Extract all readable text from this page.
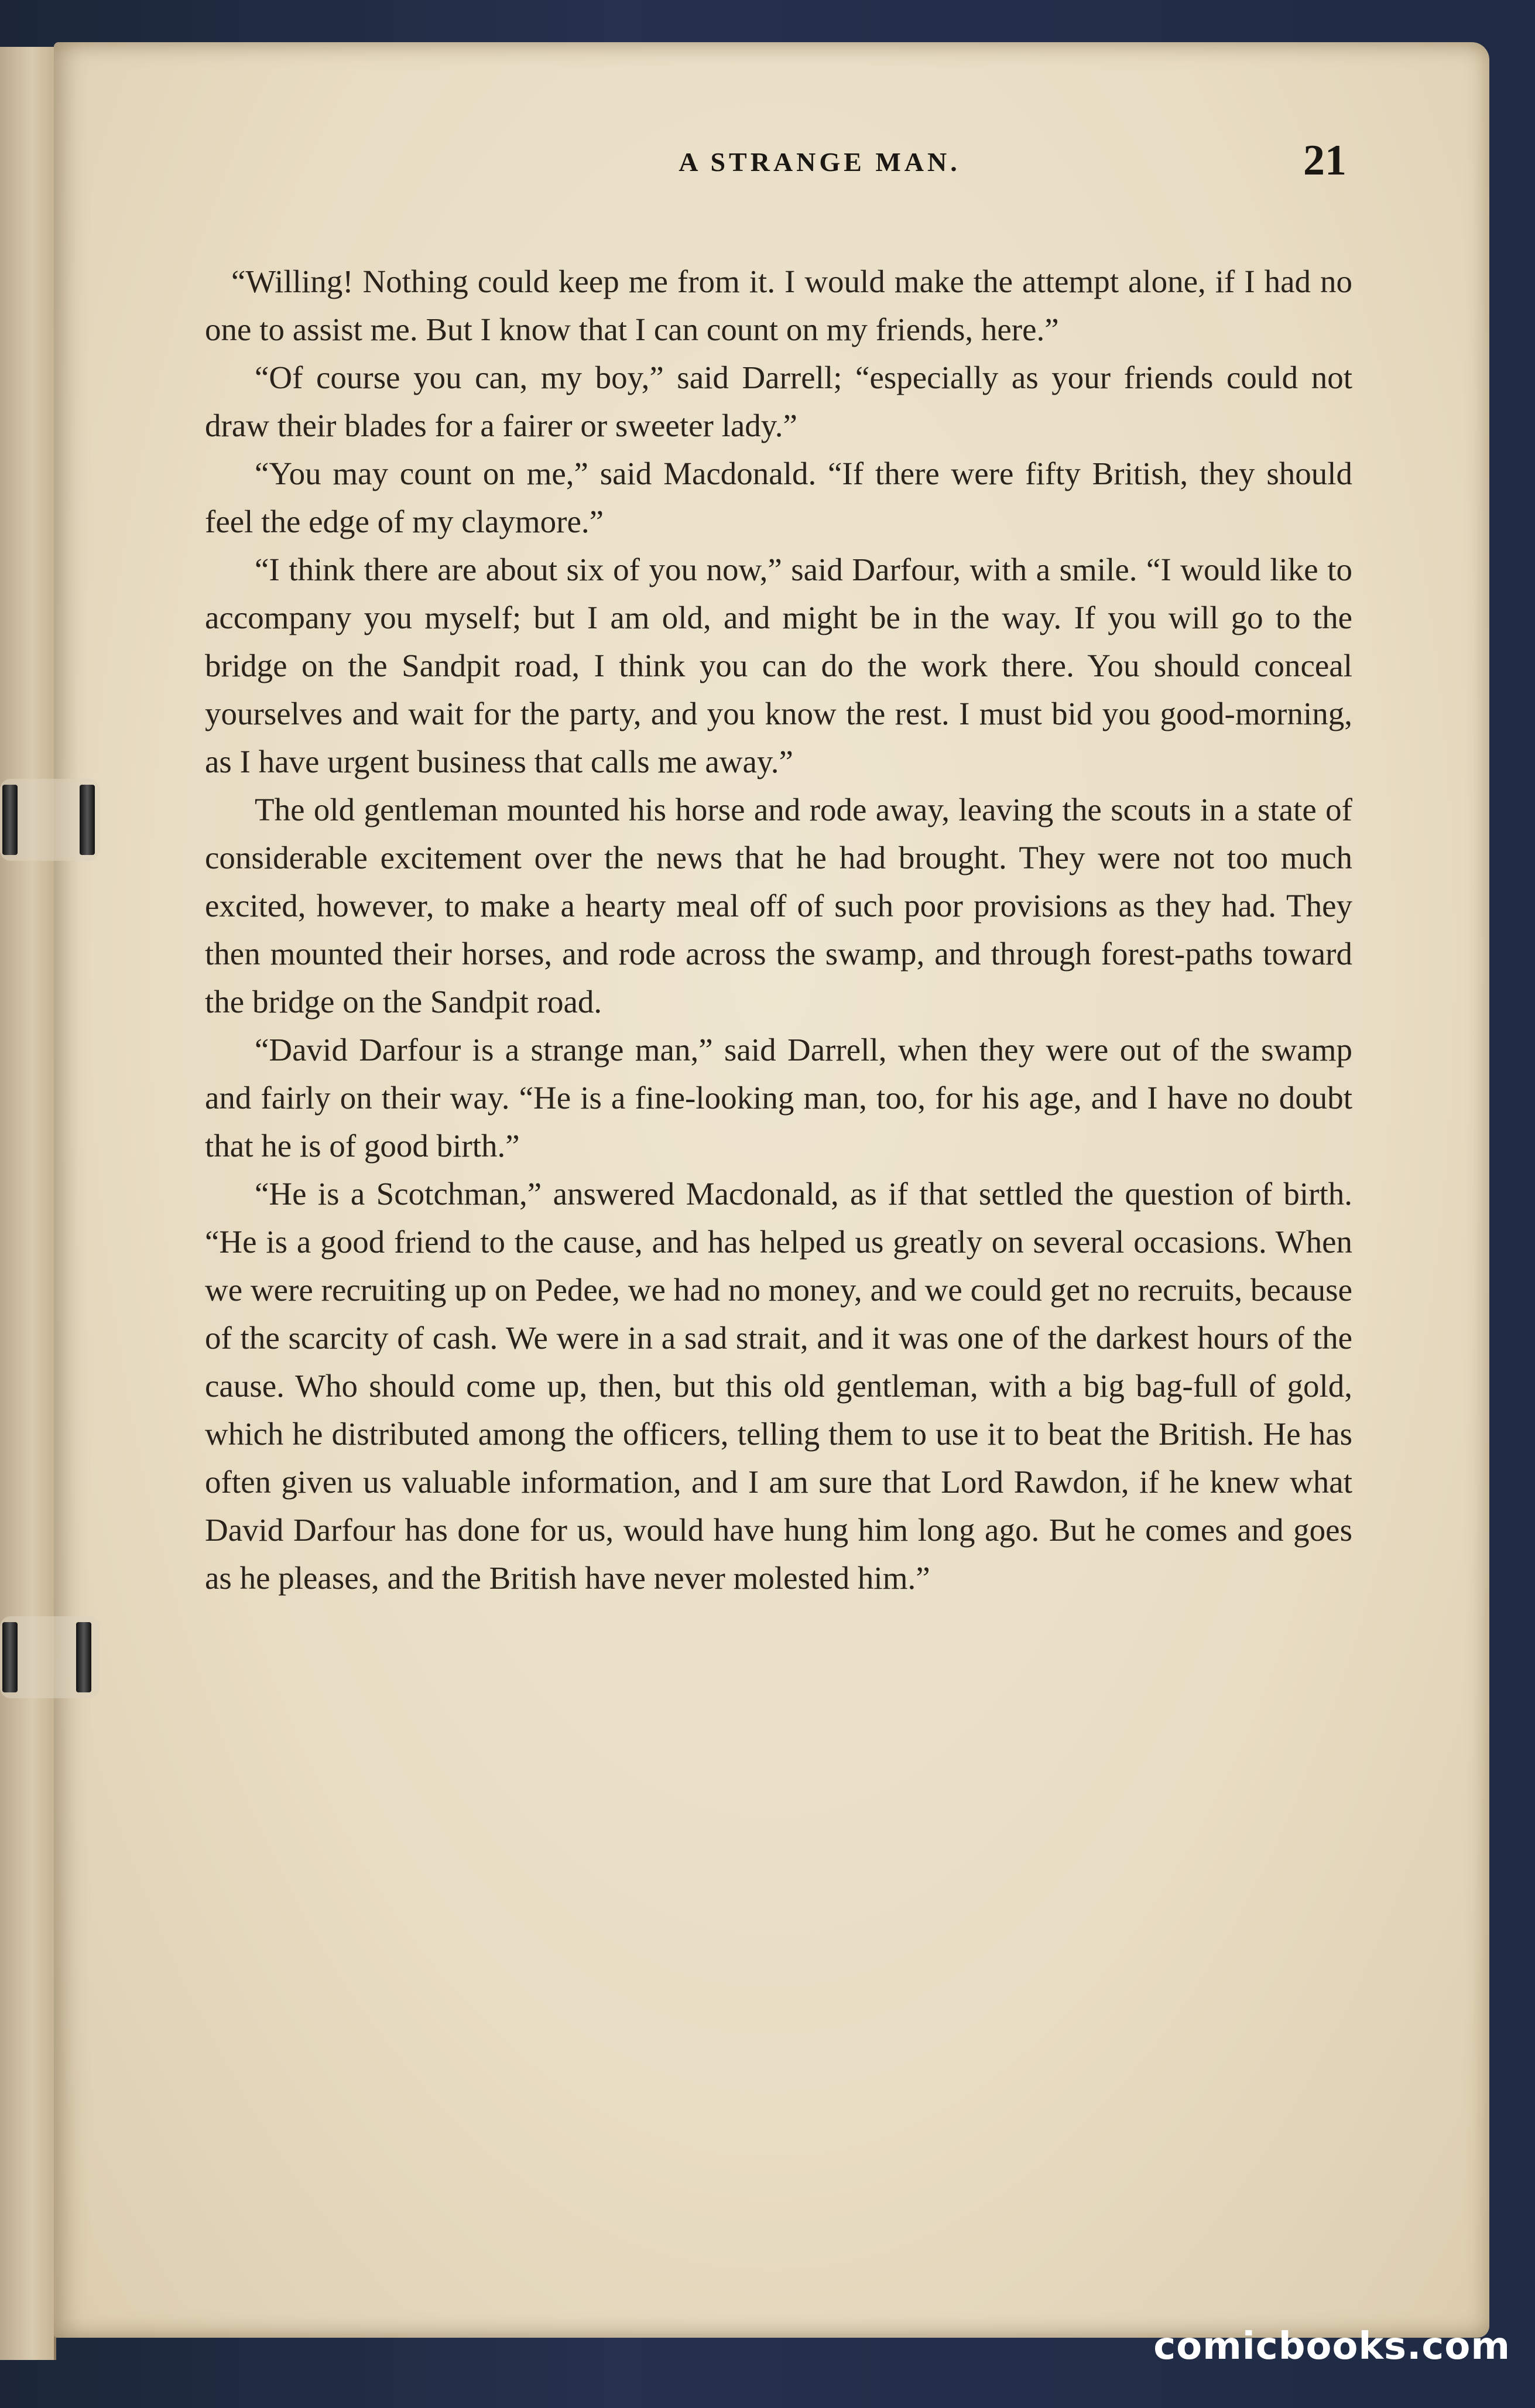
A STRANGE MAN.	21

“Willing! Nothing could keep me from it. I would make the attempt alone, if I had no one to assist me. But I know that I can count on my friends, here.”

“Of course you can, my boy,” said Darrell; “especially as your friends could not draw their blades for a fairer or sweeter lady.”

“You may count on me,” said Macdonald. “If there were fifty British, they should feel the edge of my claymore.”

“I think there are about six of you now,” said Darfour, with a smile. “I would like to accompany you myself; but I am old, and might be in the way. If you will go to the bridge on the Sandpit road, I think you can do the work there. You should conceal yourselves and wait for the party, and you know the rest. I must bid you good-morning, as I have urgent business that calls me away.”

The old gentleman mounted his horse and rode away, leaving the scouts in a state of considerable excitement over the news that he had brought. They were not too much excited, however, to make a hearty meal off of such poor provisions as they had. They then mounted their horses, and rode across the swamp, and through forest-paths toward the bridge on the Sandpit road.

“David Darfour is a strange man,” said Darrell, when they were out of the swamp and fairly on their way. “He is a fine-looking man, too, for his age, and I have no doubt that he is of good birth.”

“He is a Scotchman,” answered Macdonald, as if that settled the question of birth. “He is a good friend to the cause, and has helped us greatly on several occasions. When we were recruiting up on Pedee, we had no money, and we could get no recruits, because of the scarcity of cash. We were in a sad strait, and it was one of the darkest hours of the cause. Who should come up, then, but this old gentleman, with a big bag-full of gold, which he distributed among the officers, telling them to use it to beat the British. He has often given us valuable information, and I am sure that Lord Rawdon, if he knew what David Darfour has done for us, would have hung him long ago. But he comes and goes as he pleases, and the British have never molested him.”

comicbooks.com
